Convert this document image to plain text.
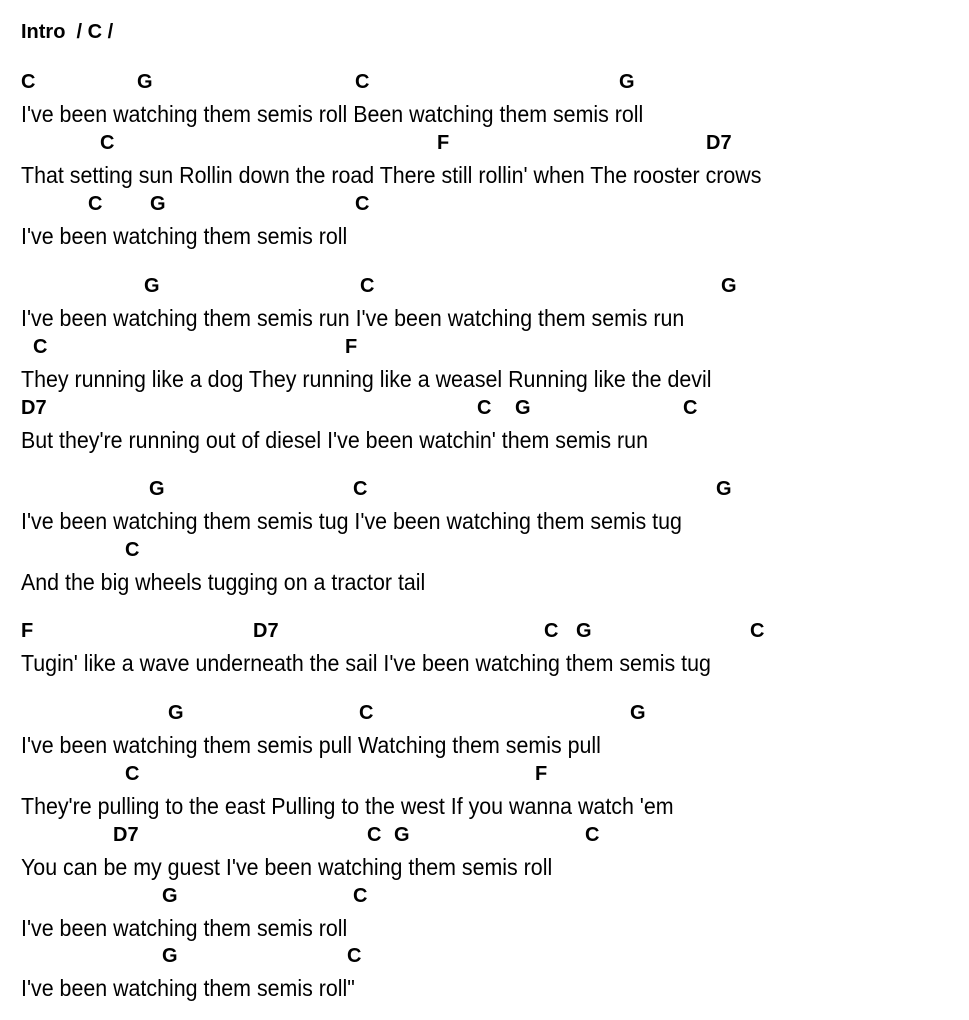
Intro  / C /
C	G	C	G
I've been watching them semis roll Been watching them semis roll
C	F	D7
That setting sun Rollin down the road There still rollin' when The rooster crows
C G	C
I've been watching them semis roll
G	C	G
I've been watching them semis run I've been watching them semis run
C	F
They running like a dog They running like a weasel Running like the devil
D7	C G	C
But they're running out of diesel I've been watchin' them semis run
G	C	G
I've been watching them semis tug I've been watching them semis tug
C
And the big wheels tugging on a tractor tail
F	D7	C G	C
Tugin' like a wave underneath the sail I've been watching them semis tug
G	C	G
I've been watching them semis pull Watching them semis pull
C	F
They're pulling to the east Pulling to the west If you wanna watch 'em
D7	C G	C
You can be my guest I've been watching them semis roll
G	C
I've been watching them semis roll
G	C
I've been watching them semis roll"
